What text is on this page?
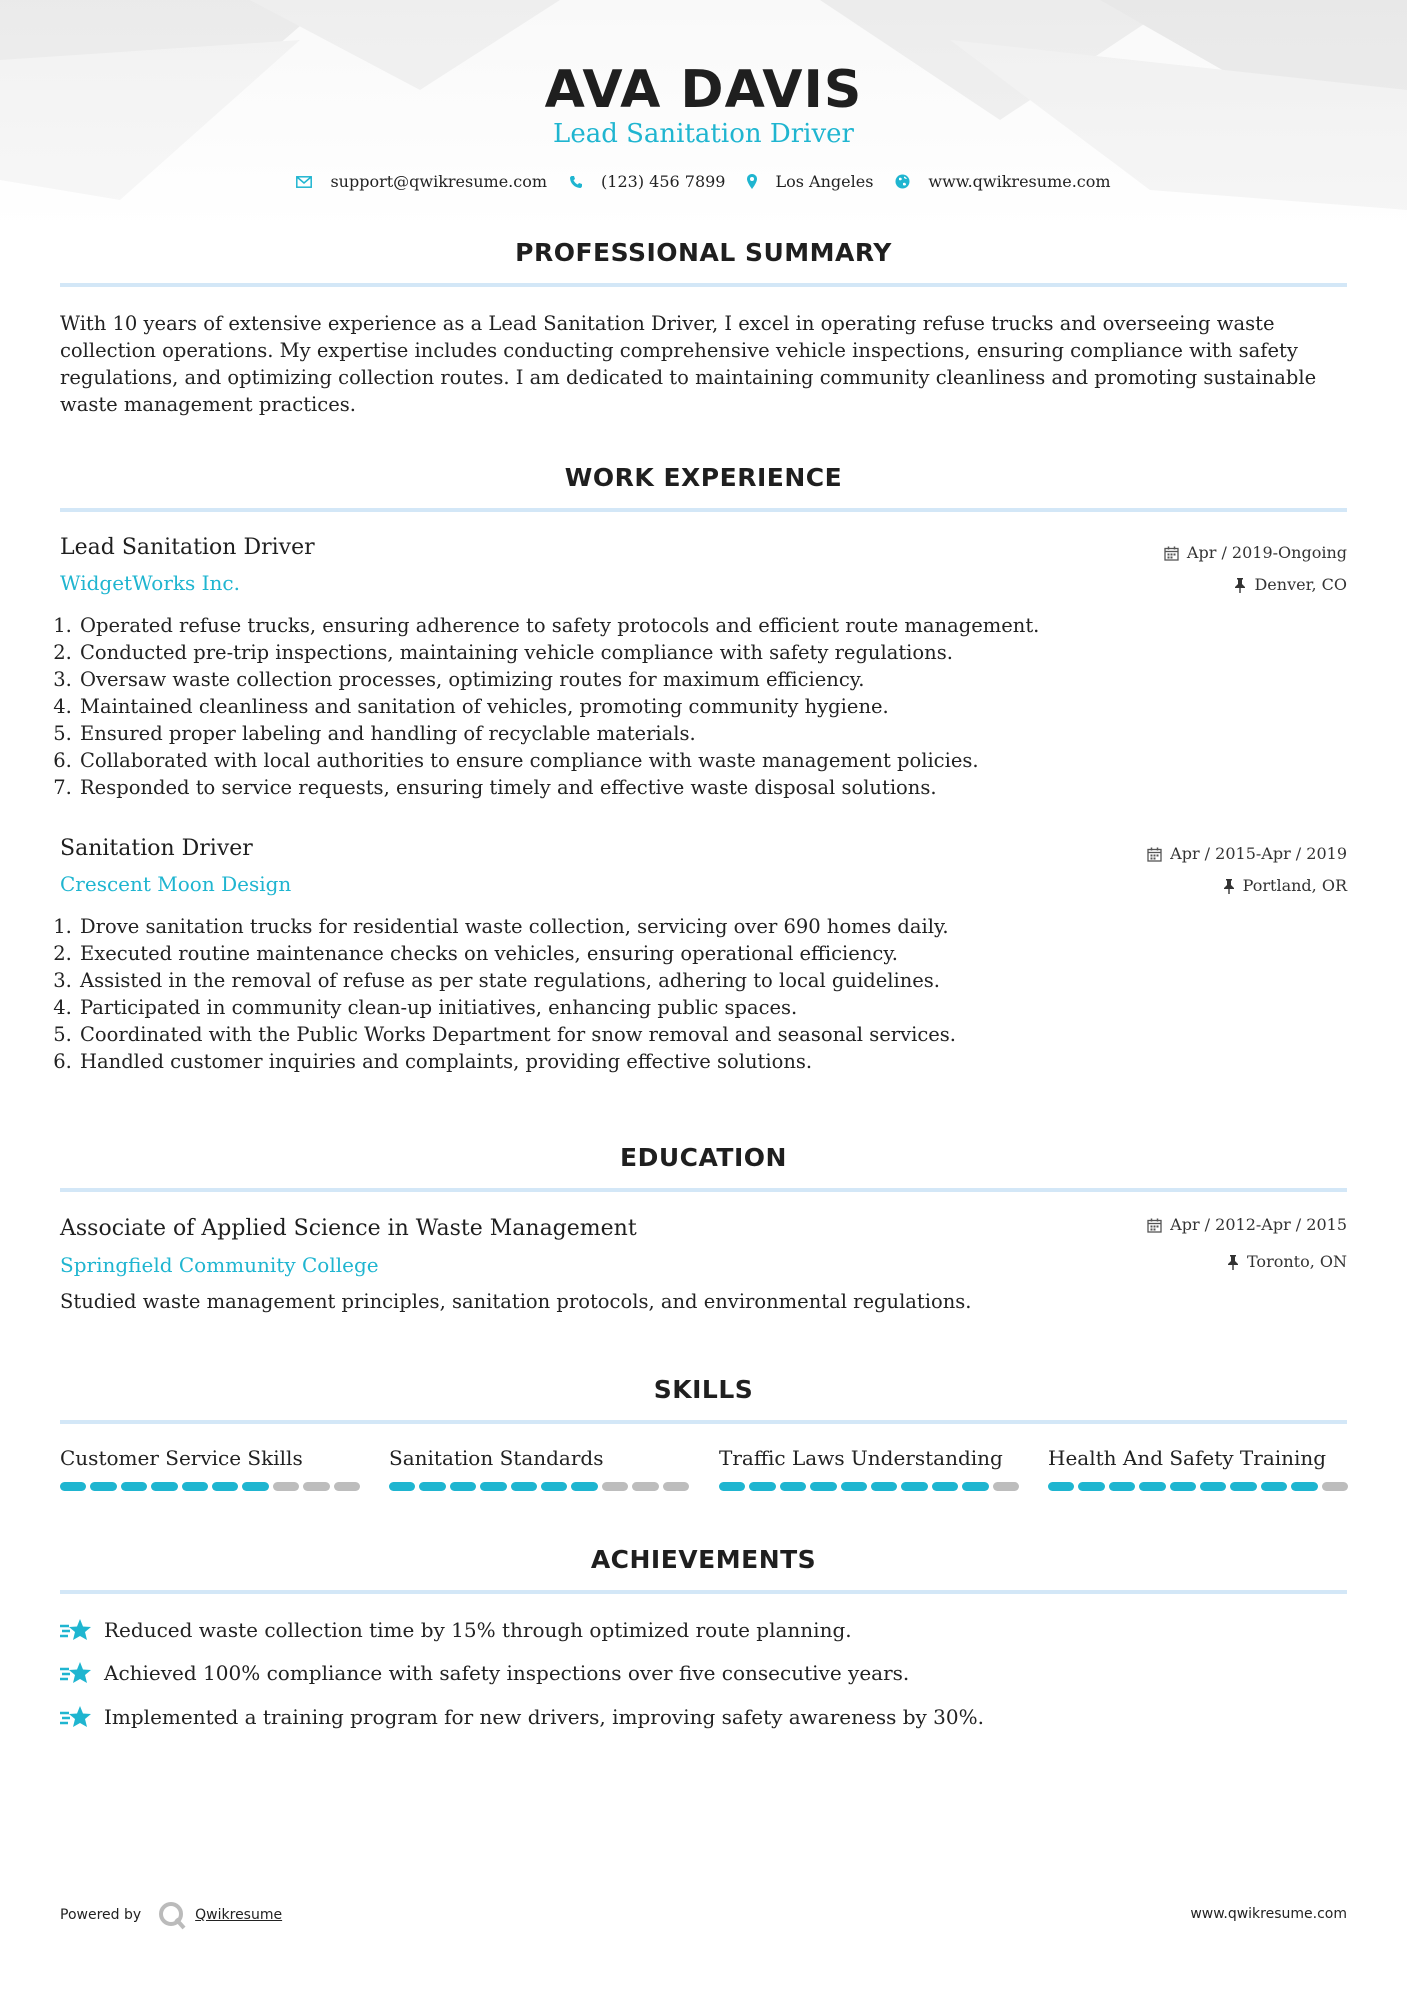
AVA DAVIS
Lead Sanitation Driver
support@qwikresume.com	(123) 456 7899	Los Angeles	www.qwikresume.com
PROFESSIONAL SUMMARY
With 10 years of extensive experience as a Lead Sanitation Driver, I excel in operating refuse trucks and overseeing waste collection operations. My expertise includes conducting comprehensive vehicle inspections, ensuring compliance with safety regulations, and optimizing collection routes. I am dedicated to maintaining community cleanliness and promoting sustainable waste management practices.
WORK EXPERIENCE
Lead Sanitation Driver
WidgetWorks Inc.
Apr / 2019-Ongoing
Denver, CO
1. Operated refuse trucks, ensuring adherence to safety protocols and efficient route management.
2. Conducted pre-trip inspections, maintaining vehicle compliance with safety regulations.
3. Oversaw waste collection processes, optimizing routes for maximum efficiency.
4. Maintained cleanliness and sanitation of vehicles, promoting community hygiene.
5. Ensured proper labeling and handling of recyclable materials.
6. Collaborated with local authorities to ensure compliance with waste management policies.
7. Responded to service requests, ensuring timely and effective waste disposal solutions.
Sanitation Driver
Crescent Moon Design
Apr / 2015-Apr / 2019
Portland, OR
1. Drove sanitation trucks for residential waste collection, servicing over 690 homes daily.
2. Executed routine maintenance checks on vehicles, ensuring operational efficiency.
3. Assisted in the removal of refuse as per state regulations, adhering to local guidelines.
4. Participated in community clean-up initiatives, enhancing public spaces.
5. Coordinated with the Public Works Department for snow removal and seasonal services.
6. Handled customer inquiries and complaints, providing effective solutions.
EDUCATION
Associate of Applied Science in Waste Management
Springfield Community College
Apr / 2012-Apr / 2015
Toronto, ON
Studied waste management principles, sanitation protocols, and environmental regulations.
SKILLS
Customer Service Skills	Sanitation Standards	Traffic Laws Understanding	Health And Safety Training
ACHIEVEMENTS
Reduced waste collection time by 15% through optimized route planning.
Achieved 100% compliance with safety inspections over five consecutive years.
Implemented a training program for new drivers, improving safety awareness by 30%.
Powered by	Qwikresume	www.qwikresume.com
